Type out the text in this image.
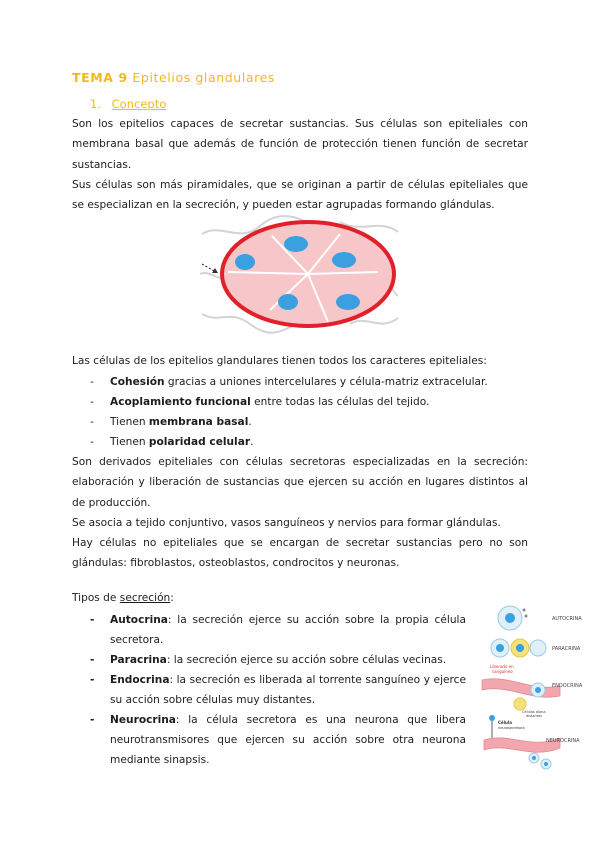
TEMA 9 Epitelios glandulares
1. Concepto

Son los epitelios capaces de secretar sustancias. Sus células son epiteliales con membrana basal que además de función de protección tienen función de secretar sustancias.

Sus células son más piramidales, que se originan a partir de células epiteliales que se especializan en la secreción, y pueden estar agrupadas formando glándulas.

Las células de los epitelios glandulares tienen todos los caracteres epiteliales:

- Cohesión gracias a uniones intercelulares y célula-matriz extracelular.
- Acoplamiento funcional entre todas las células del tejido.
- Tienen membrana basal.
- Tienen polaridad celular.

Son derivados epiteliales con células secretoras especializadas en la secreción: elaboración y liberación de sustancias que ejercen su acción en lugares distintos al de producción.

Se asocia a tejido conjuntivo, vasos sanguíneos y nervios para formar glándulas.

Hay células no epiteliales que se encargan de secretar sustancias pero no son glándulas: fibroblastos, osteoblastos, condrocitos y neuronas.

Tipos de secreción:
- Autocrina: la secreción ejerce su acción sobre la propia célula secretora.
- Paracrina: la secreción ejerce su acción sobre células vecinas.
- Endocrina: la secreción es liberada al torrente sanguíneo y ejerce su acción sobre células muy distantes.
- Neurocrina: la célula secretora es una neurona que libera neurotransmisores que ejercen su acción sobre otra neurona mediante sinapsis.
AUTOCRINA
PARACRINA
Liberado en
sanguíneo
ENDOCRINA
Células diana
distantes
Célula
neurosecretora
NEUROCRINA
